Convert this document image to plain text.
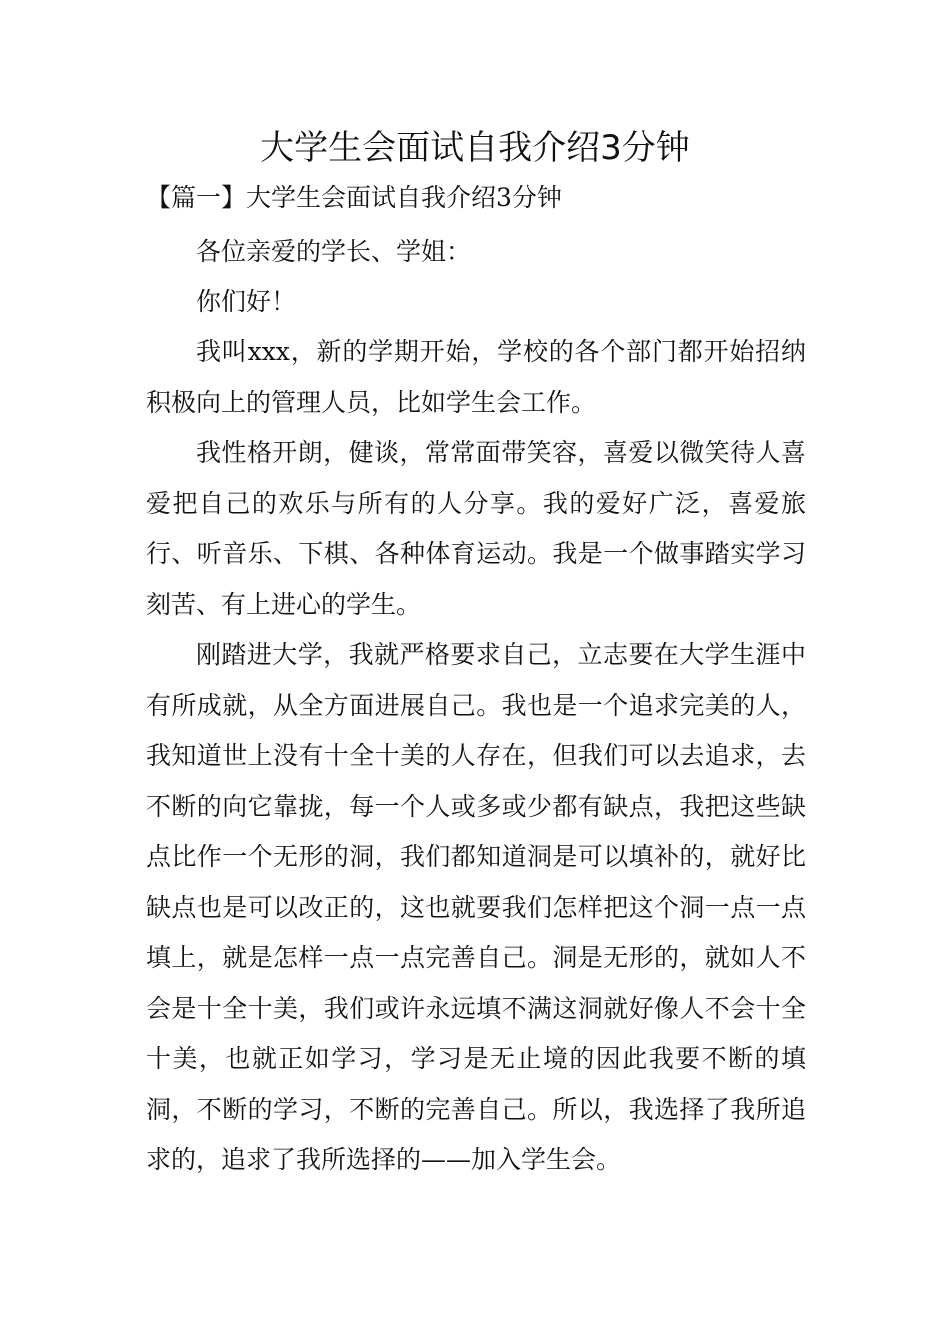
大学生会面试自我介绍3分钟

【篇一】大学生会面试自我介绍3分钟

各位亲爱的学长、学姐：

你们好！

我叫xxx，新的学期开始，学校的各个部门都开始招纳积极向上的管理人员，比如学生会工作。

我性格开朗，健谈，常常面带笑容，喜爱以微笑待人喜爱把自己的欢乐与所有的人分享。我的爱好广泛，喜爱旅行、听音乐、下棋、各种体育运动。我是一个做事踏实学习刻苦、有上进心的学生。

刚踏进大学，我就严格要求自己，立志要在大学生涯中有所成就，从全方面进展自己。我也是一个追求完美的人，我知道世上没有十全十美的人存在，但我们可以去追求，去不断的向它靠拢，每一个人或多或少都有缺点，我把这些缺点比作一个无形的洞，我们都知道洞是可以填补的，就好比缺点也是可以改正的，这也就要我们怎样把这个洞一点一点填上，就是怎样一点一点完善自己。洞是无形的，就如人不会是十全十美，我们或许永远填不满这洞就好像人不会十全十美，也就正如学习，学习是无止境的因此我要不断的填洞，不断的学习，不断的完善自己。所以，我选择了我所追求的，追求了我所选择的——加入学生会。
